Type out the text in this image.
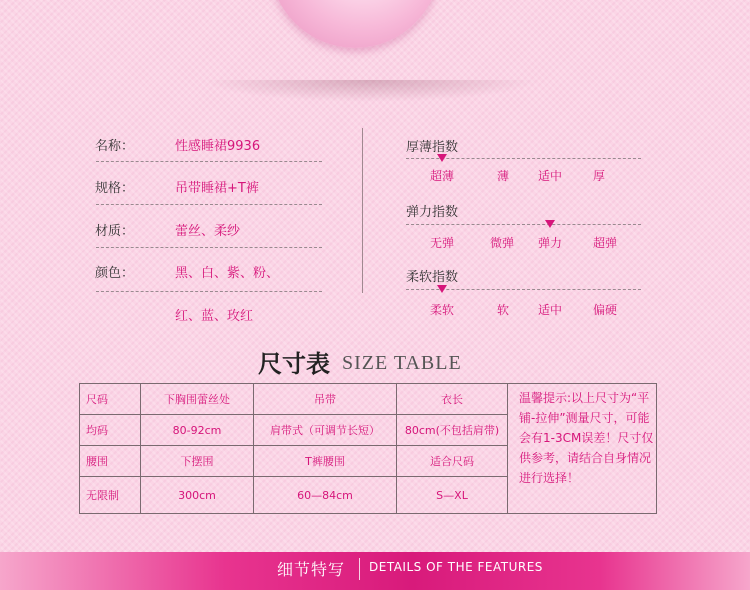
名称：	性感睡裙9936
规格：	吊带睡裙+T裤
材质：	蕾丝、柔纱
颜色：	黑、白、紫、粉、
红、蓝、玫红
厚薄指数
超薄	薄 适中	厚
弹力指数
无弹	微弹 弹力	超弹
柔软指数
柔软	软 适中	偏硬
尺寸表 SIZE TABLE
尺码	下胸围蕾丝处	吊带	衣长	
均码	80-92cm	肩带式（可调节长短）	80cm(不包括肩带)	
腰围	下摆围	T裤腰围	适合尺码	
无限制	300cm	60—84cm	S—XL	
温馨提示:以上尺寸为“平铺-拉伸”测量尺寸，可能会有1-3CM误差！尺寸仅供参考，请结合自身情况进行选择！
细节特写 DETAILS OF THE FEATURES
